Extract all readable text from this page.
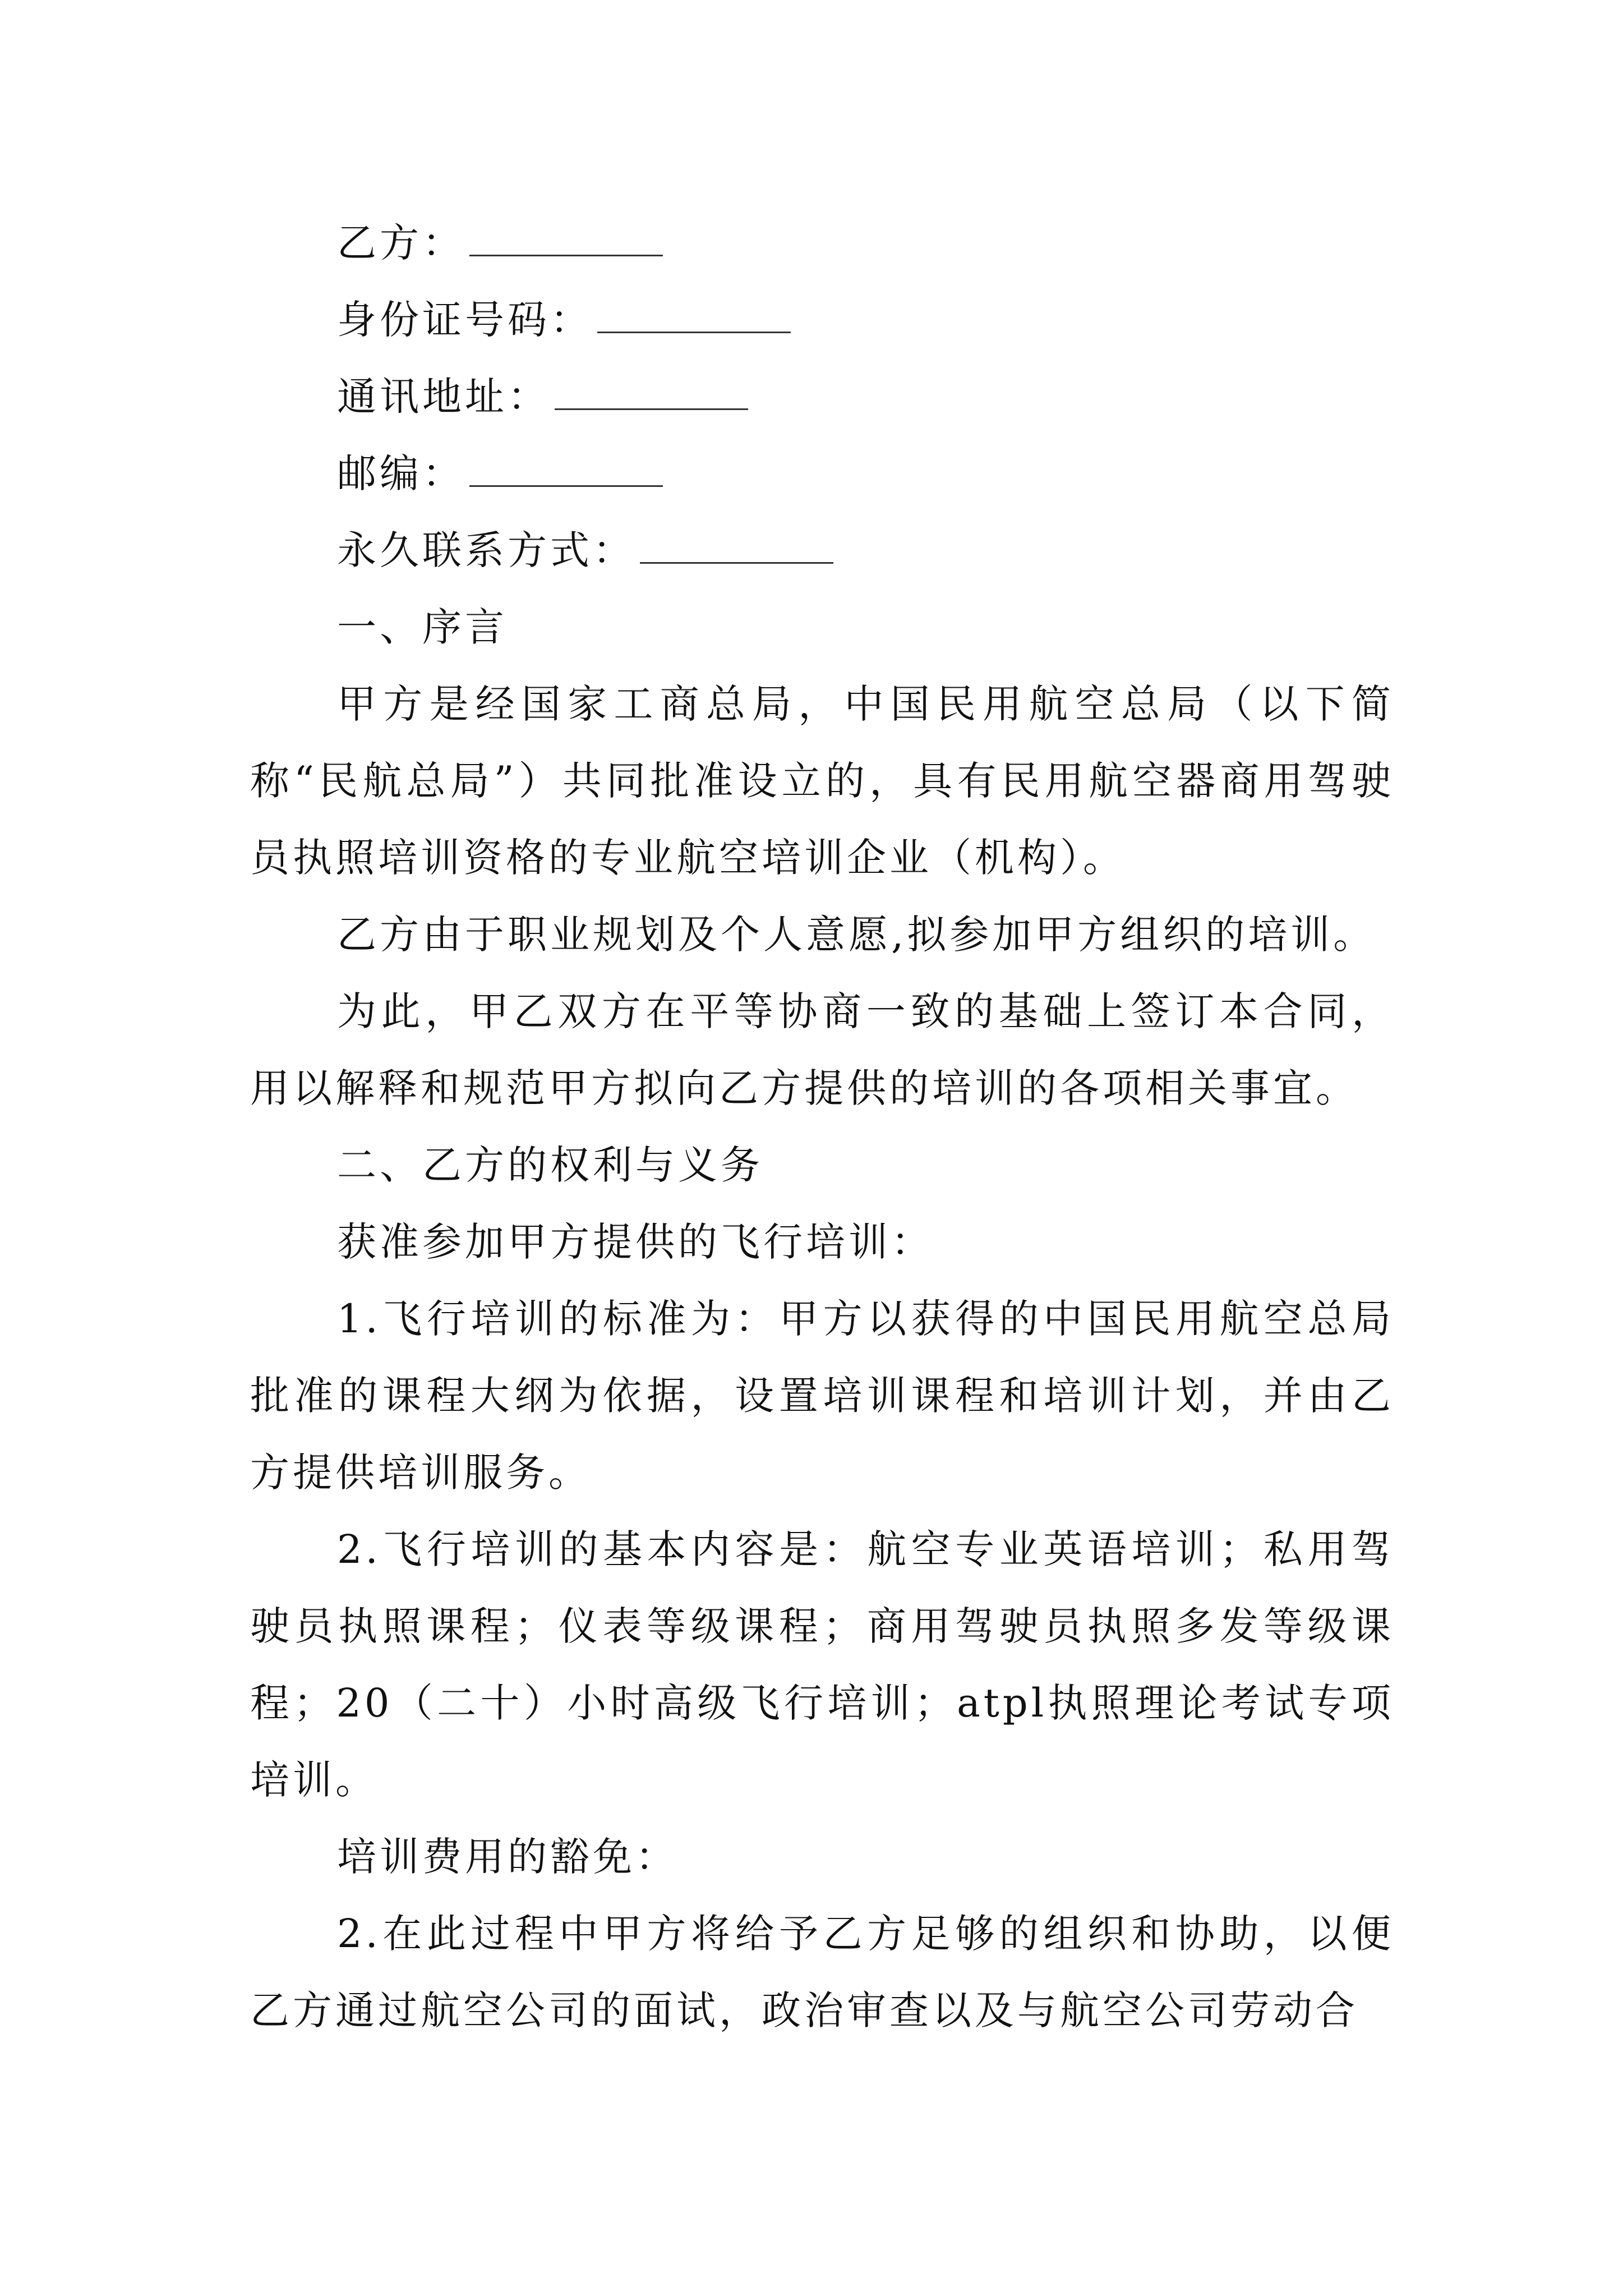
乙方：
身份证号码：
通讯地址：
邮编：
永久联系方式：
一、序言
甲方是经国家工商总局，中国民用航空总局（以下简称“民航总局”）共同批准设立的，具有民用航空器商用驾驶员执照培训资格的专业航空培训企业（机构）。
乙方由于职业规划及个人意愿,拟参加甲方组织的培训。
为此，甲乙双方在平等协商一致的基础上签订本合同，用以解释和规范甲方拟向乙方提供的培训的各项相关事宜。
二、乙方的权利与义务
获准参加甲方提供的飞行培训：
1.飞行培训的标准为：甲方以获得的中国民用航空总局批准的课程大纲为依据，设置培训课程和培训计划，并由乙方提供培训服务。
2.飞行培训的基本内容是：航空专业英语培训；私用驾驶员执照课程；仪表等级课程；商用驾驶员执照多发等级课程；20（二十）小时高级飞行培训；atpl执照理论考试专项培训。
培训费用的豁免：
2.在此过程中甲方将给予乙方足够的组织和协助，以便乙方通过航空公司的面试，政治审查以及与航空公司劳动合
